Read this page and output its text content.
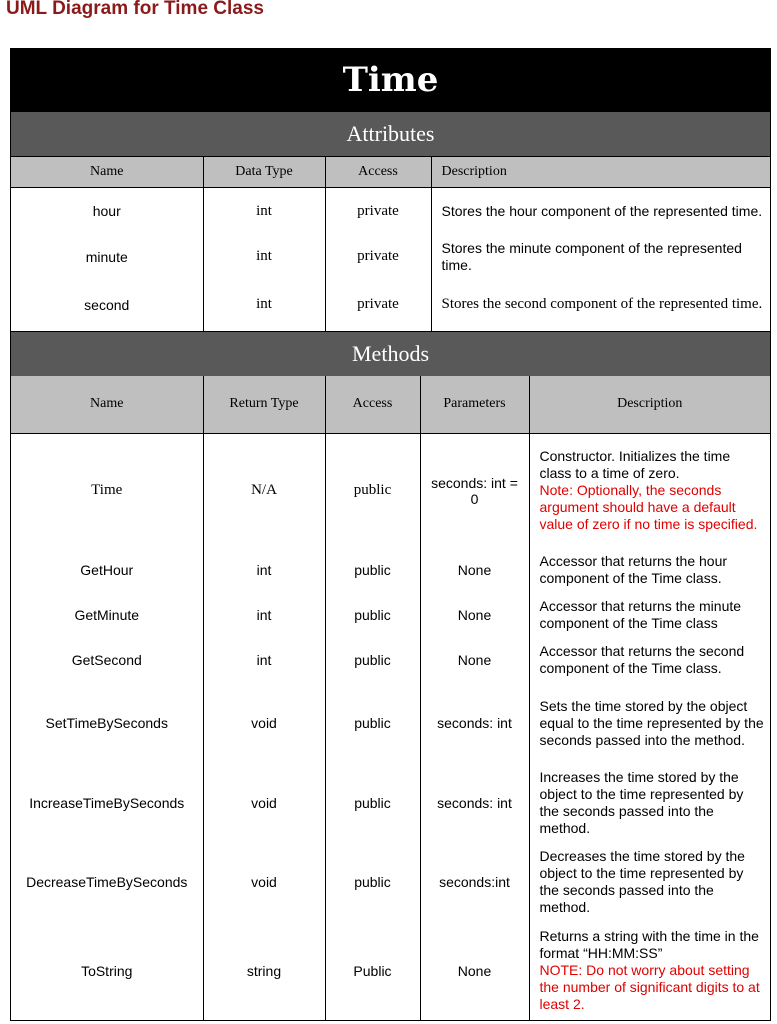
UML Diagram for Time Class
Time
Attributes
Name	Data Type	Access	Description
hour	int	private	Stores the hour component of the represented time.
minute	int	private	Stores the minute component of the represented time.
second	int	private	Stores the second component of the represented time.
Methods
Name	Return Type	Access	Parameters	Description
Time	N/A	public	seconds: int = 0	Constructor. Initializes the time class to a time of zero.
Note: Optionally, the seconds argument should have a default value of zero if no time is specified.
GetHour	int	public	None	Accessor that returns the hour component of the Time class.
GetMinute	int	public	None	Accessor that returns the minute component of the Time class
GetSecond	int	public	None	Accessor that returns the second component of the Time class.
SetTimeBySeconds	void	public	seconds: int	Sets the time stored by the object equal to the time represented by the seconds passed into the method.
IncreaseTimeBySeconds	void	public	seconds: int	Increases the time stored by the object to the time represented by the seconds passed into the method.
DecreaseTimeBySeconds	void	public	seconds:int	Decreases the time stored by the object to the time represented by the seconds passed into the method.
ToString	string	Public	None	Returns a string with the time in the format “HH:MM:SS”
NOTE: Do not worry about setting the number of significant digits to at least 2.
